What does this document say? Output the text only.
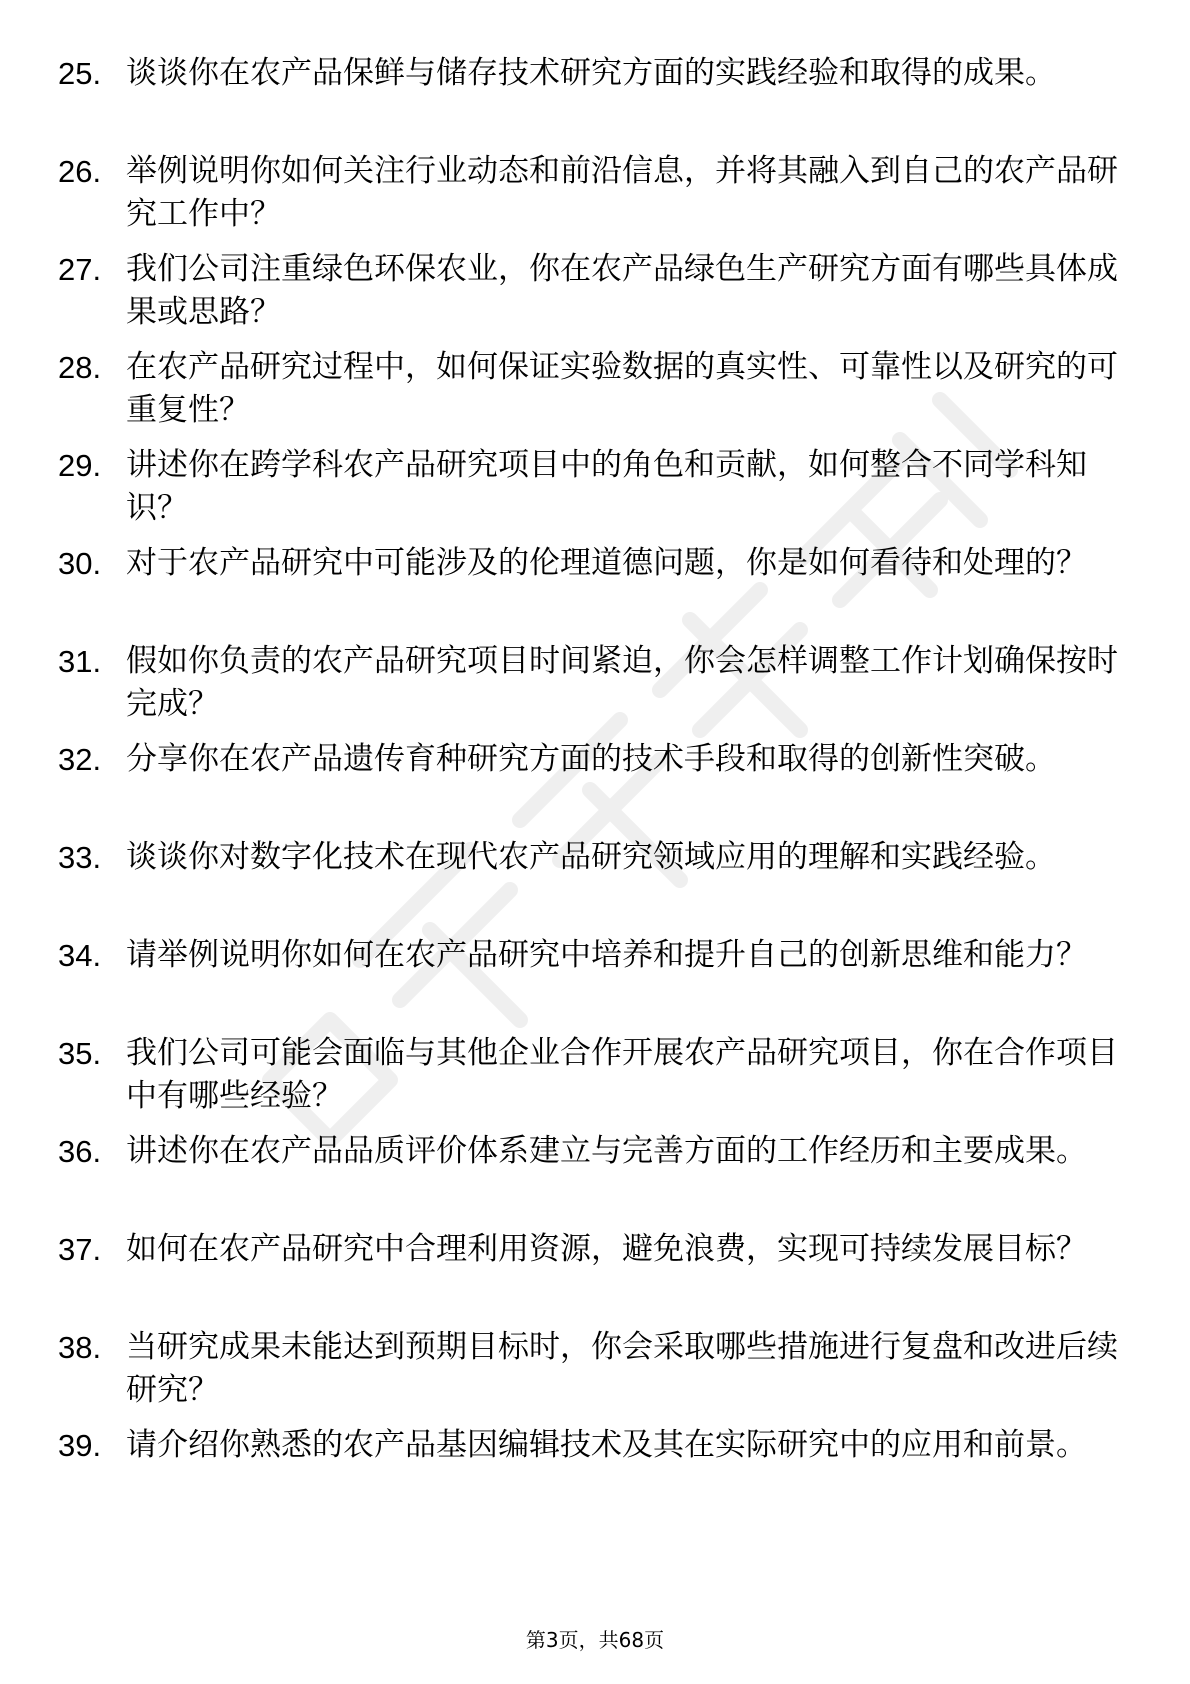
25. 谈谈你在农产品保鲜与储存技术研究方面的实践经验和取得的成果。
26. 举例说明你如何关注行业动态和前沿信息，并将其融入到自己的农产品研究工作中？
27. 我们公司注重绿色环保农业，你在农产品绿色生产研究方面有哪些具体成果或思路？
28. 在农产品研究过程中，如何保证实验数据的真实性、可靠性以及研究的可重复性？
29. 讲述你在跨学科农产品研究项目中的角色和贡献，如何整合不同学科知识？
30. 对于农产品研究中可能涉及的伦理道德问题，你是如何看待和处理的？
31. 假如你负责的农产品研究项目时间紧迫，你会怎样调整工作计划确保按时完成？
32. 分享你在农产品遗传育种研究方面的技术手段和取得的创新性突破。
33. 谈谈你对数字化技术在现代农产品研究领域应用的理解和实践经验。
34. 请举例说明你如何在农产品研究中培养和提升自己的创新思维和能力？
35. 我们公司可能会面临与其他企业合作开展农产品研究项目，你在合作项目中有哪些经验？
36. 讲述你在农产品品质评价体系建立与完善方面的工作经历和主要成果。
37. 如何在农产品研究中合理利用资源，避免浪费，实现可持续发展目标？
38. 当研究成果未能达到预期目标时，你会采取哪些措施进行复盘和改进后续研究？
39. 请介绍你熟悉的农产品基因编辑技术及其在实际研究中的应用和前景。
第3页，共68页
